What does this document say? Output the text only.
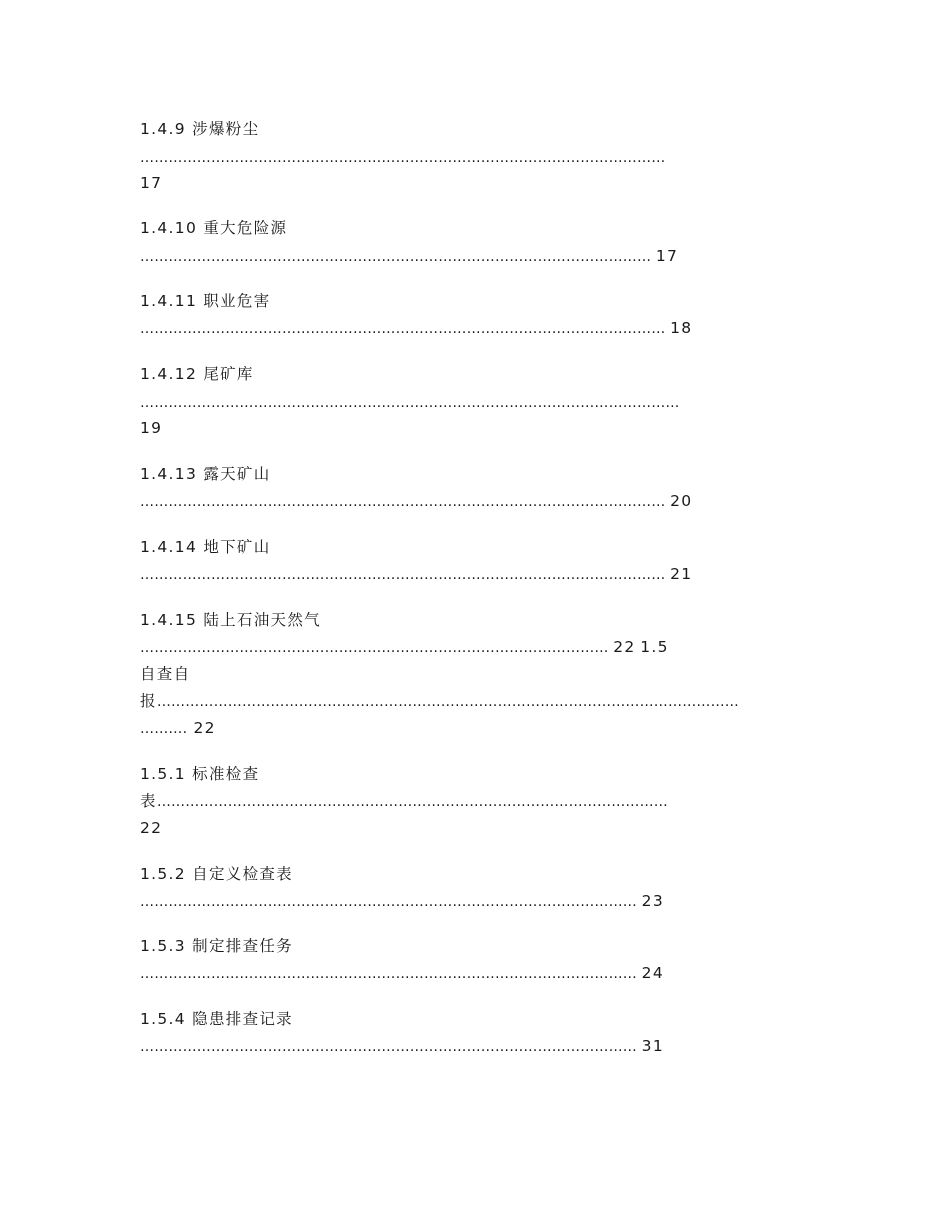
1.4.9 涉爆粉尘
…………………………………………………………………………………………………
17
1.4.10 重大危险源
……………………………………………………………………………………………… 17
1.4.11 职业危害
………………………………………………………………………………………………… 18
1.4.12 尾矿库
……………………………………………………………………………………………………
19
1.4.13 露天矿山
………………………………………………………………………………………………… 20
1.4.14 地下矿山
………………………………………………………………………………………………… 21
1.4.15 陆上石油天然气
……………………………………………………………………………………… 22 1.5
自查自
报……………………………………………………………………………………………………………
………. 22
1.5.1 标准检查
表………………………………………………………………………………………………
22
1.5.2 自定义检查表
…………………………………………………………………………………………… 23
1.5.3 制定排查任务
…………………………………………………………………………………………… 24
1.5.4 隐患排查记录
…………………………………………………………………………………………… 31
